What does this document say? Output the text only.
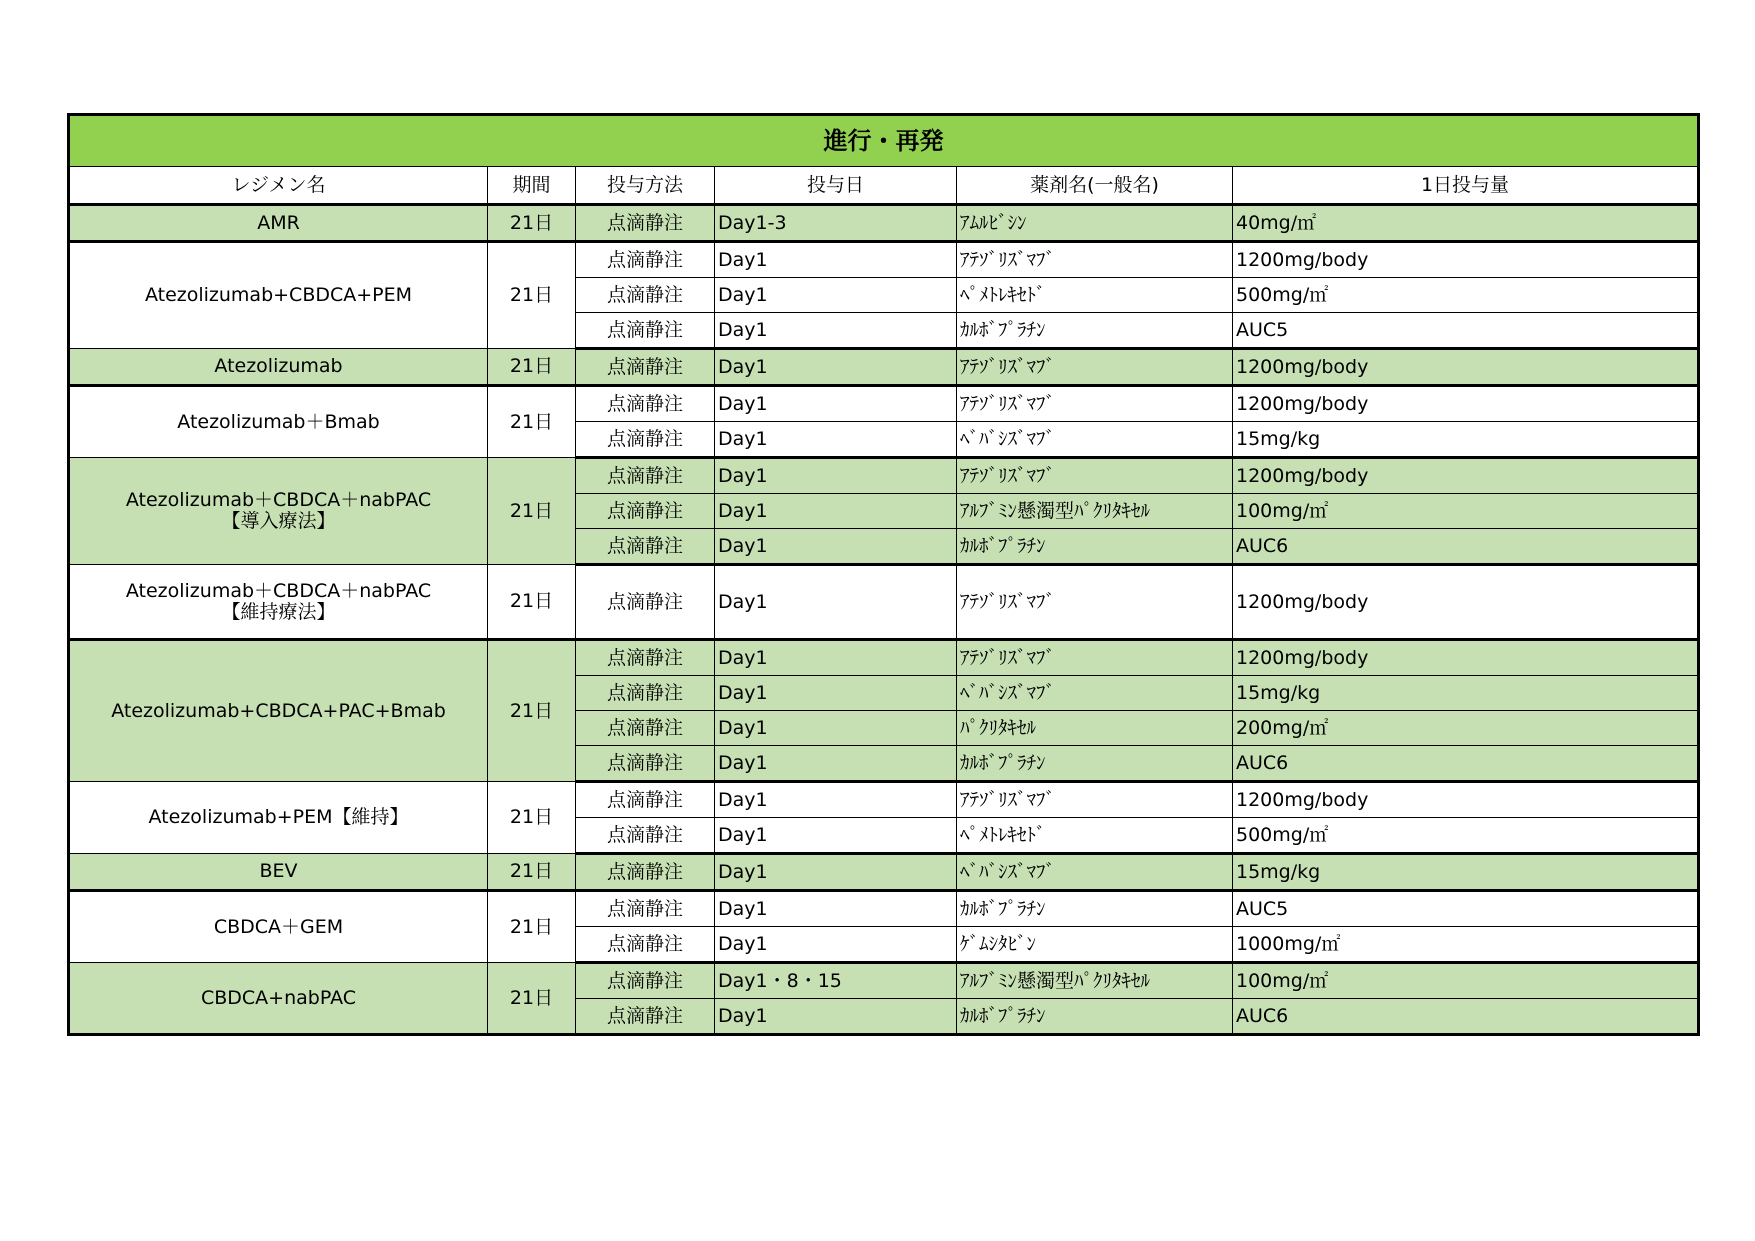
進行・再発					
レジメン名	期間	投与方法	投与日	薬剤名(一般名)	1日投与量

AMR	21日	点滴静注	Day1-3	ｱﾑﾙﾋﾞｼﾝ	40mg/㎡

Atezolizumab+CBDCA+PEM	21日	点滴静注	Day1	ｱﾃｿﾞﾘｽﾞﾏﾌﾞ	1200mg/body
		点滴静注	Day1	ﾍﾟﾒﾄﾚｷｾﾄﾞ	500mg/㎡
		点滴静注	Day1	ｶﾙﾎﾞﾌﾟﾗﾁﾝ	AUC5

Atezolizumab	21日	点滴静注	Day1	ｱﾃｿﾞﾘｽﾞﾏﾌﾞ	1200mg/body

Atezolizumab＋Bmab	21日	点滴静注	Day1	ｱﾃｿﾞﾘｽﾞﾏﾌﾞ	1200mg/body
		点滴静注	Day1	ﾍﾞﾊﾞｼｽﾞﾏﾌﾞ	15mg/kg

Atezolizumab＋CBDCA＋nabPAC
【導入療法】	21日	点滴静注	Day1	ｱﾃｿﾞﾘｽﾞﾏﾌﾞ	1200mg/body
		点滴静注	Day1	ｱﾙﾌﾞﾐﾝ懸濁型ﾊﾟｸﾘﾀｷｾﾙ	100mg/㎡
		点滴静注	Day1	ｶﾙﾎﾞﾌﾟﾗﾁﾝ	AUC6

Atezolizumab＋CBDCA＋nabPAC
【維持療法】	21日	点滴静注	Day1	ｱﾃｿﾞﾘｽﾞﾏﾌﾞ	1200mg/body

Atezolizumab+CBDCA+PAC+Bmab	21日	点滴静注	Day1	ｱﾃｿﾞﾘｽﾞﾏﾌﾞ	1200mg/body
		点滴静注	Day1	ﾍﾞﾊﾞｼｽﾞﾏﾌﾞ	15mg/kg
		点滴静注	Day1	ﾊﾟｸﾘﾀｷｾﾙ	200mg/㎡
		点滴静注	Day1	ｶﾙﾎﾞﾌﾟﾗﾁﾝ	AUC6

Atezolizumab+PEM【維持】	21日	点滴静注	Day1	ｱﾃｿﾞﾘｽﾞﾏﾌﾞ	1200mg/body
		点滴静注	Day1	ﾍﾟﾒﾄﾚｷｾﾄﾞ	500mg/㎡

BEV	21日	点滴静注	Day1	ﾍﾞﾊﾞｼｽﾞﾏﾌﾞ	15mg/kg

CBDCA＋GEM	21日	点滴静注	Day1	ｶﾙﾎﾞﾌﾟﾗﾁﾝ	AUC5
		点滴静注	Day1	ｹﾞﾑｼﾀﾋﾞﾝ	1000mg/㎡

CBDCA+nabPAC	21日	点滴静注	Day1・8・15	ｱﾙﾌﾞﾐﾝ懸濁型ﾊﾟｸﾘﾀｷｾﾙ	100mg/㎡
		点滴静注	Day1	ｶﾙﾎﾞﾌﾟﾗﾁﾝ	AUC6
